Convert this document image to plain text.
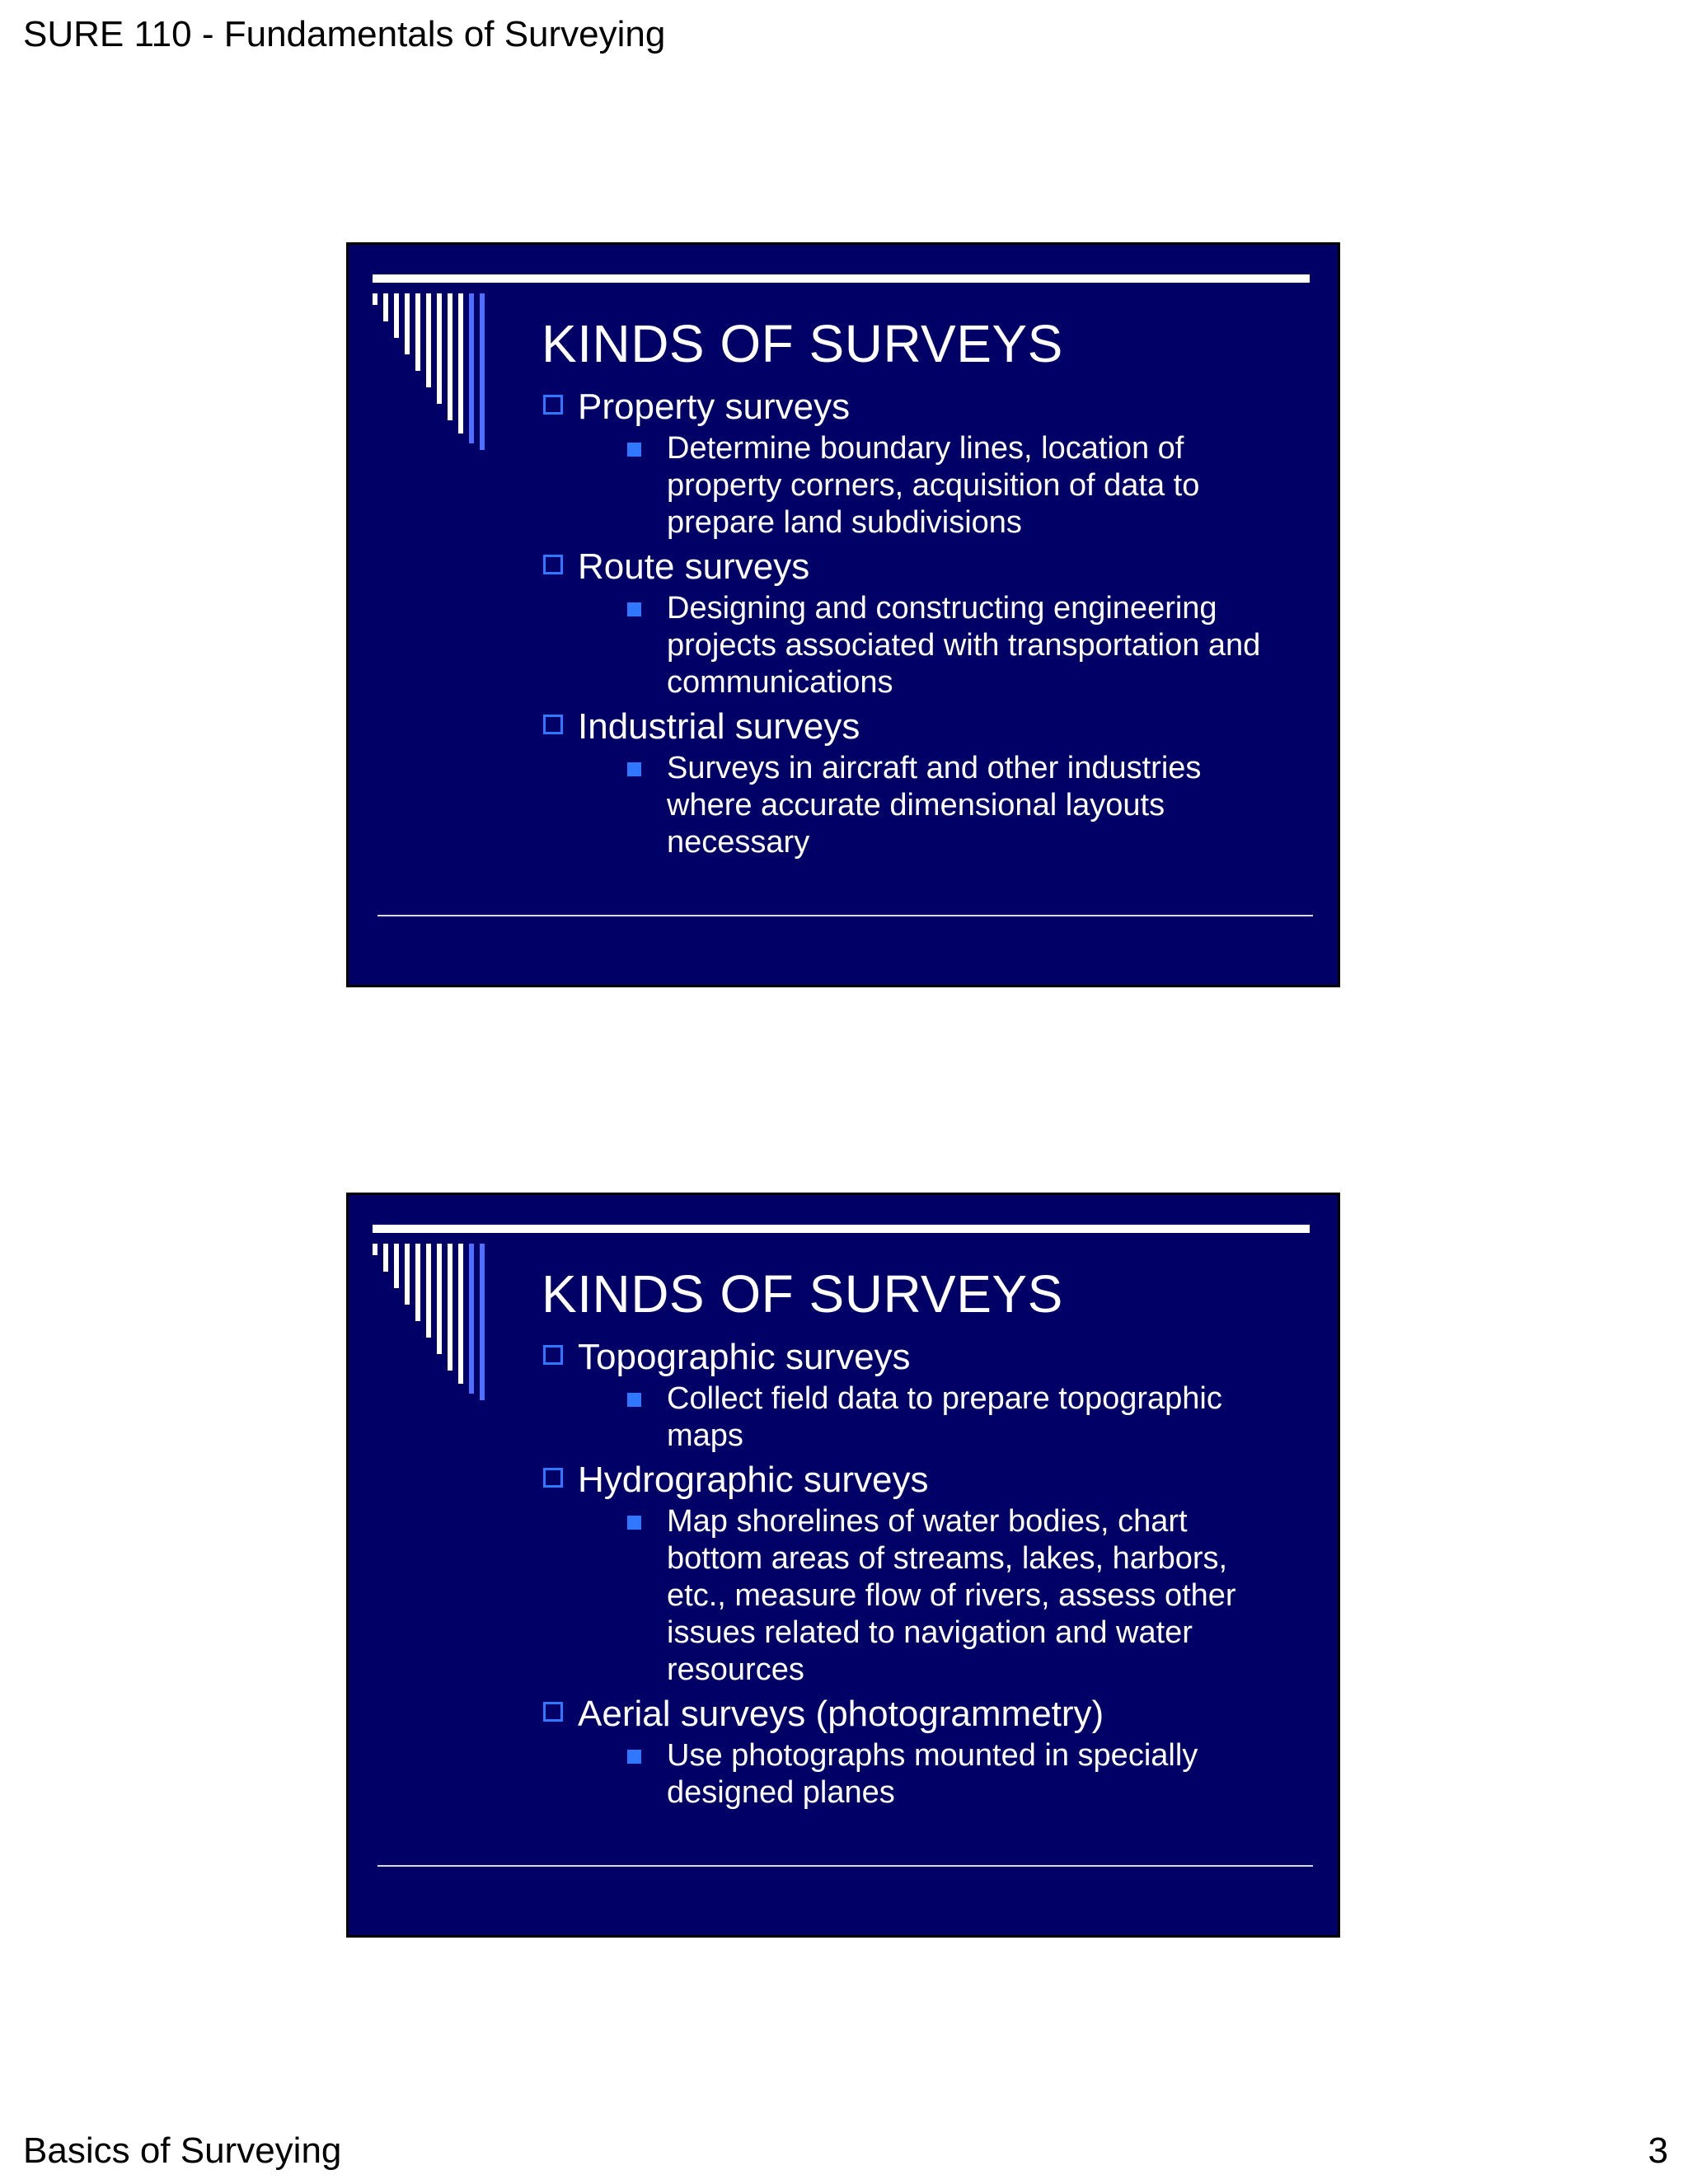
SURE 110 - Fundamentals of Surveying
KINDS OF SURVEYS
Property surveys
Determine boundary lines, location of
property corners, acquisition of data to
prepare land subdivisions
Route surveys
Designing and constructing engineering
projects associated with transportation and
communications
Industrial surveys
Surveys in aircraft and other industries
where accurate dimensional layouts
necessary
KINDS OF SURVEYS
Topographic surveys
Collect field data to prepare topographic
maps
Hydrographic surveys
Map shorelines of water bodies, chart
bottom areas of streams, lakes, harbors,
etc., measure flow of rivers, assess other
issues related to navigation and water
resources
Aerial surveys (photogrammetry)
Use photographs mounted in specially
designed planes
Basics of Surveying	3
